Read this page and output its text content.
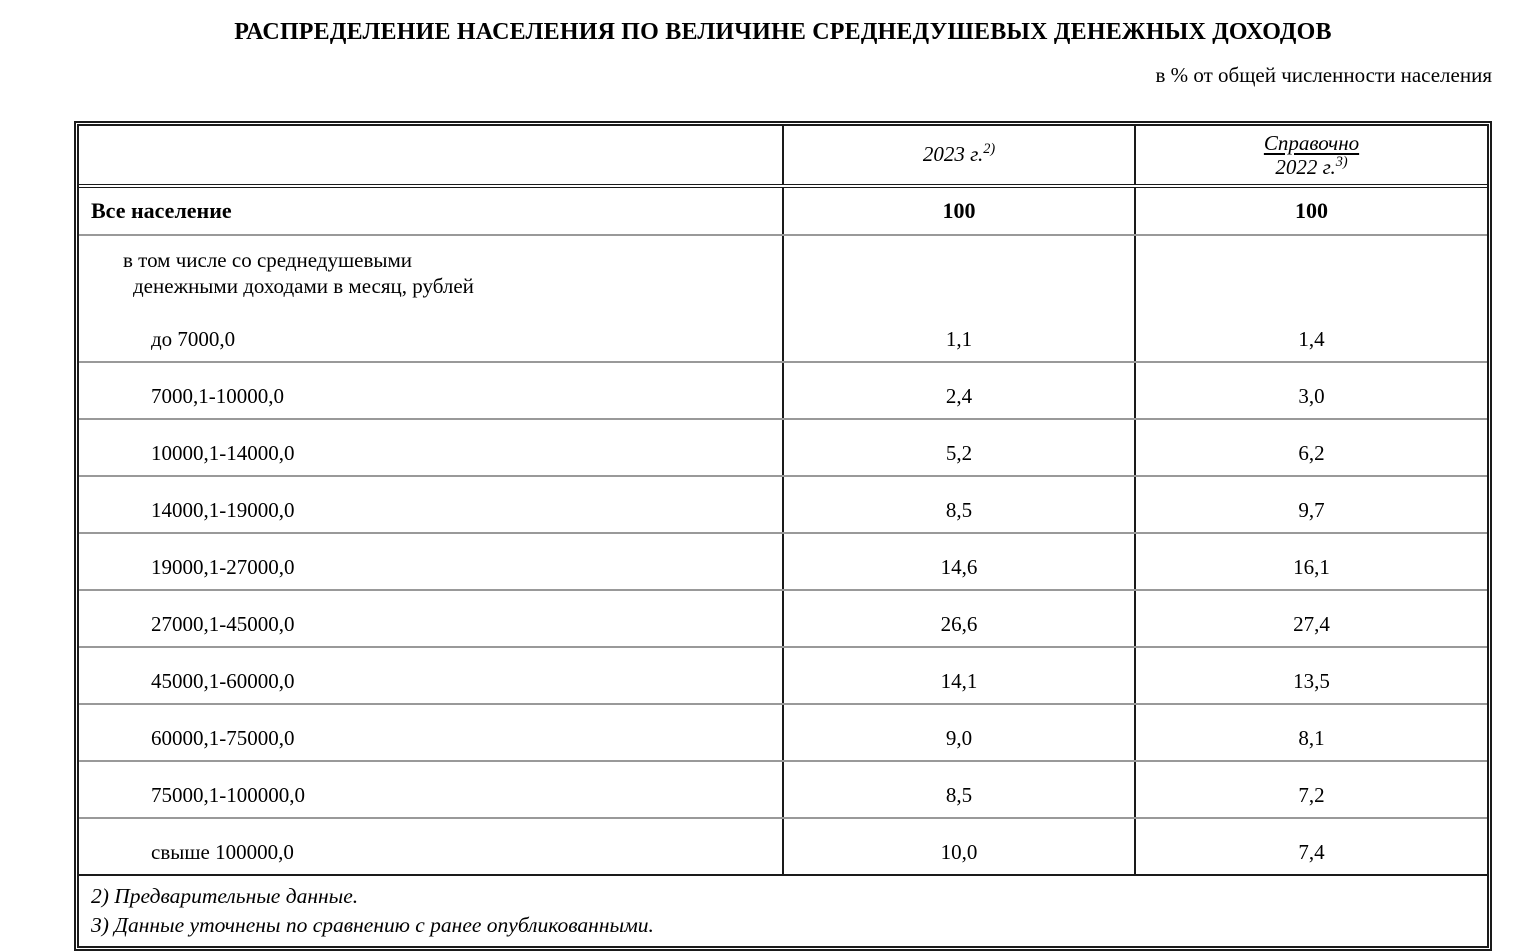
РАСПРЕДЕЛЕНИЕ НАСЕЛЕНИЯ ПО ВЕЛИЧИНЕ СРЕДНЕДУШЕВЫХ ДЕНЕЖНЫХ ДОХОДОВ
в % от общей численности населения
	2023 г.$^{2)}$	Справочно
2022 г.$^{3)}$

Все население	100	100

в том числе со среднедушевыми
денежными доходами в месяц, рублей		

до 7000,0	1,1	1,4
7000,1-10000,0	2,4	3,0
10000,1-14000,0	5,2	6,2
14000,1-19000,0	8,5	9,7
19000,1-27000,0	14,6	16,1
27000,1-45000,0	26,6	27,4
45000,1-60000,0	14,1	13,5
60000,1-75000,0	9,0	8,1
75000,1-100000,0	8,5	7,2
свыше 100000,0	10,0	7,4

2) Предварительные данные.
3) Данные уточнены по сравнению с ранее опубликованными.		
